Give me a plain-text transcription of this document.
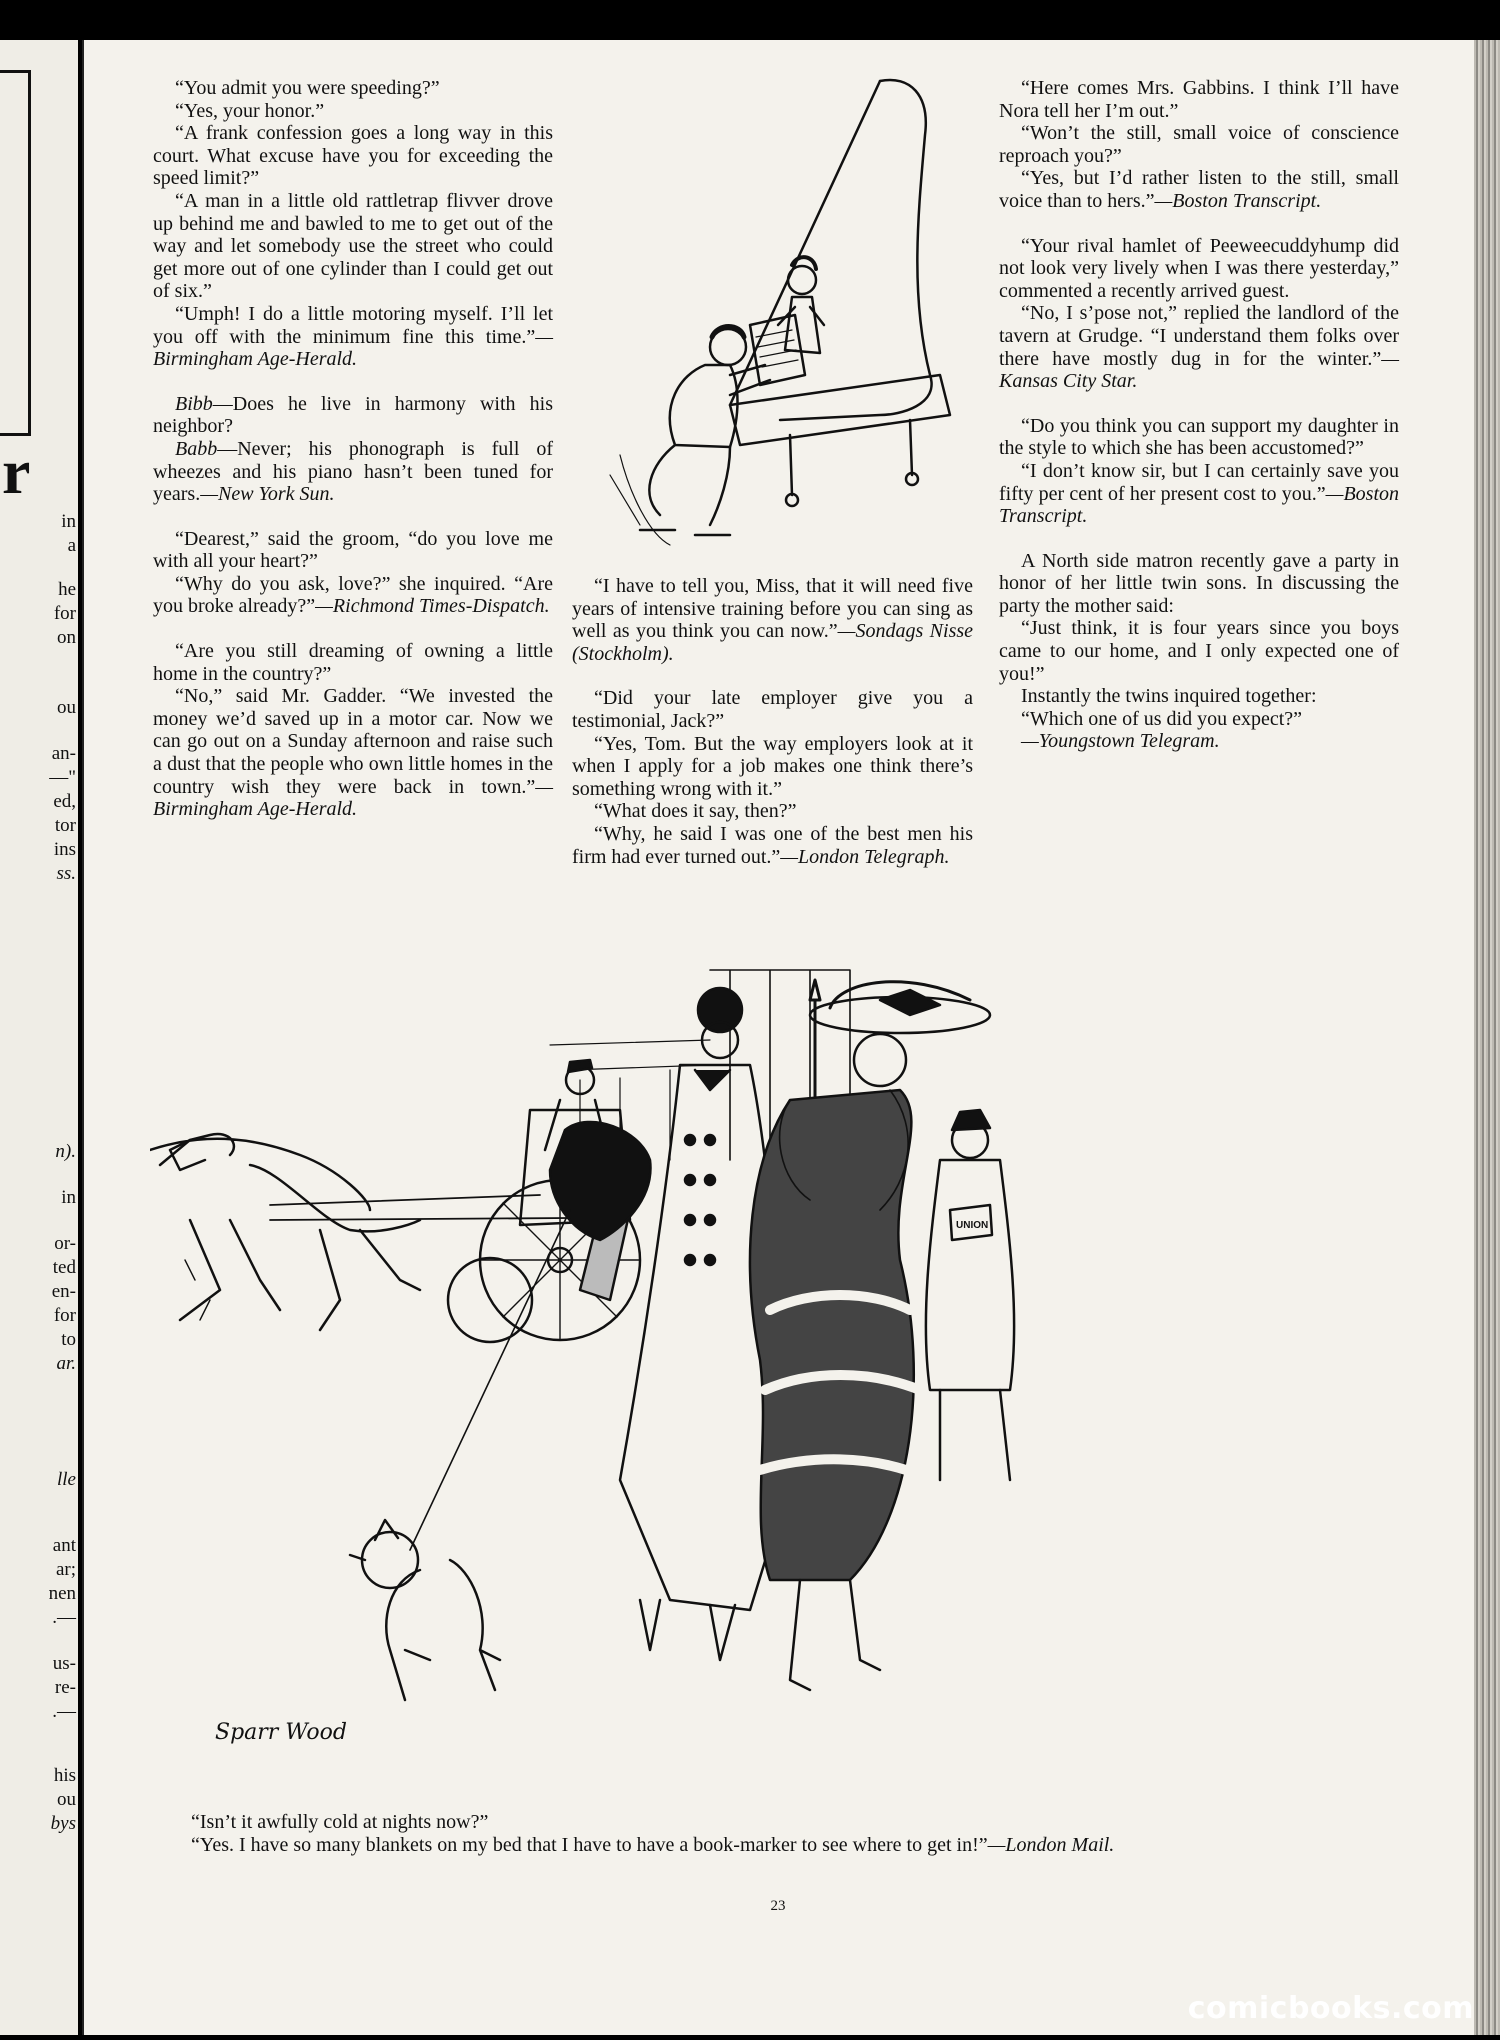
r
in
a
he
for
on
ou
an-
—"
ed,
tor
ins
ss.
n).
in
or-
ted
en-
for
to
ar.
lle
ant
ar;
nen
.—
us-
re-
.—
his
ou
bys

“You admit you were speeding?”

“Yes, your honor.”

“A frank confession goes a long way in this court. What excuse have you for exceeding the speed limit?”

“A man in a little old rattletrap flivver drove up behind me and bawled to me to get out of the way and let somebody use the street who could get more out of one cylinder than I could get out of six.”

“Umph! I do a little motoring myself. I’ll let you off with the minimum fine this time.”—Birmingham Age-Herald.

Bibb—Does he live in harmony with his neighbor?

Babb—Never; his phonograph is full of wheezes and his piano hasn’t been tuned for years.—New York Sun.

“Dearest,” said the groom, “do you love me with all your heart?”

“Why do you ask, love?” she inquired. “Are you broke already?”—Richmond Times-Dispatch.

“Are you still dreaming of owning a little home in the country?”

“No,” said Mr. Gadder. “We invested the money we’d saved up in a motor car. Now we can go out on a Sunday afternoon and raise such a dust that the people who own little homes in the country wish they were back in town.”—Birmingham Age-Herald.

“I have to tell you, Miss, that it will need five years of intensive training before you can sing as well as you think you can now.”—Sondags Nisse (Stockholm).

“Did your late employer give you a testimonial, Jack?”

“Yes, Tom. But the way employers look at it when I apply for a job makes one think there’s something wrong with it.”

“What does it say, then?”

“Why, he said I was one of the best men his firm had ever turned out.”—London Telegraph.

“Here comes Mrs. Gabbins. I think I’ll have Nora tell her I’m out.”

“Won’t the still, small voice of conscience reproach you?”

“Yes, but I’d rather listen to the still, small voice than to hers.”—Boston Transcript.

“Your rival hamlet of Peeweecuddyhump did not look very lively when I was there yesterday,” commented a recently arrived guest.

“No, I s’pose not,” replied the landlord of the tavern at Grudge. “I understand them folks over there have mostly dug in for the winter.”—Kansas City Star.

“Do you think you can support my daughter in the style to which she has been accustomed?”

“I don’t know sir, but I can certainly save you fifty per cent of her present cost to you.”—Boston Transcript.

A North side matron recently gave a party in honor of her little twin sons. In discussing the party the mother said:

“Just think, it is four years since you boys came to our home, and I only expected one of you!”

Instantly the twins inquired together:

“Which one of us did you expect?”

—Youngstown Telegram.

UNION
Sparr Wood

“Isn’t it awfully cold at nights now?”

“Yes. I have so many blankets on my bed that I have to have a book-marker to see where to get in!”—London Mail.

23
comicbooks.com
